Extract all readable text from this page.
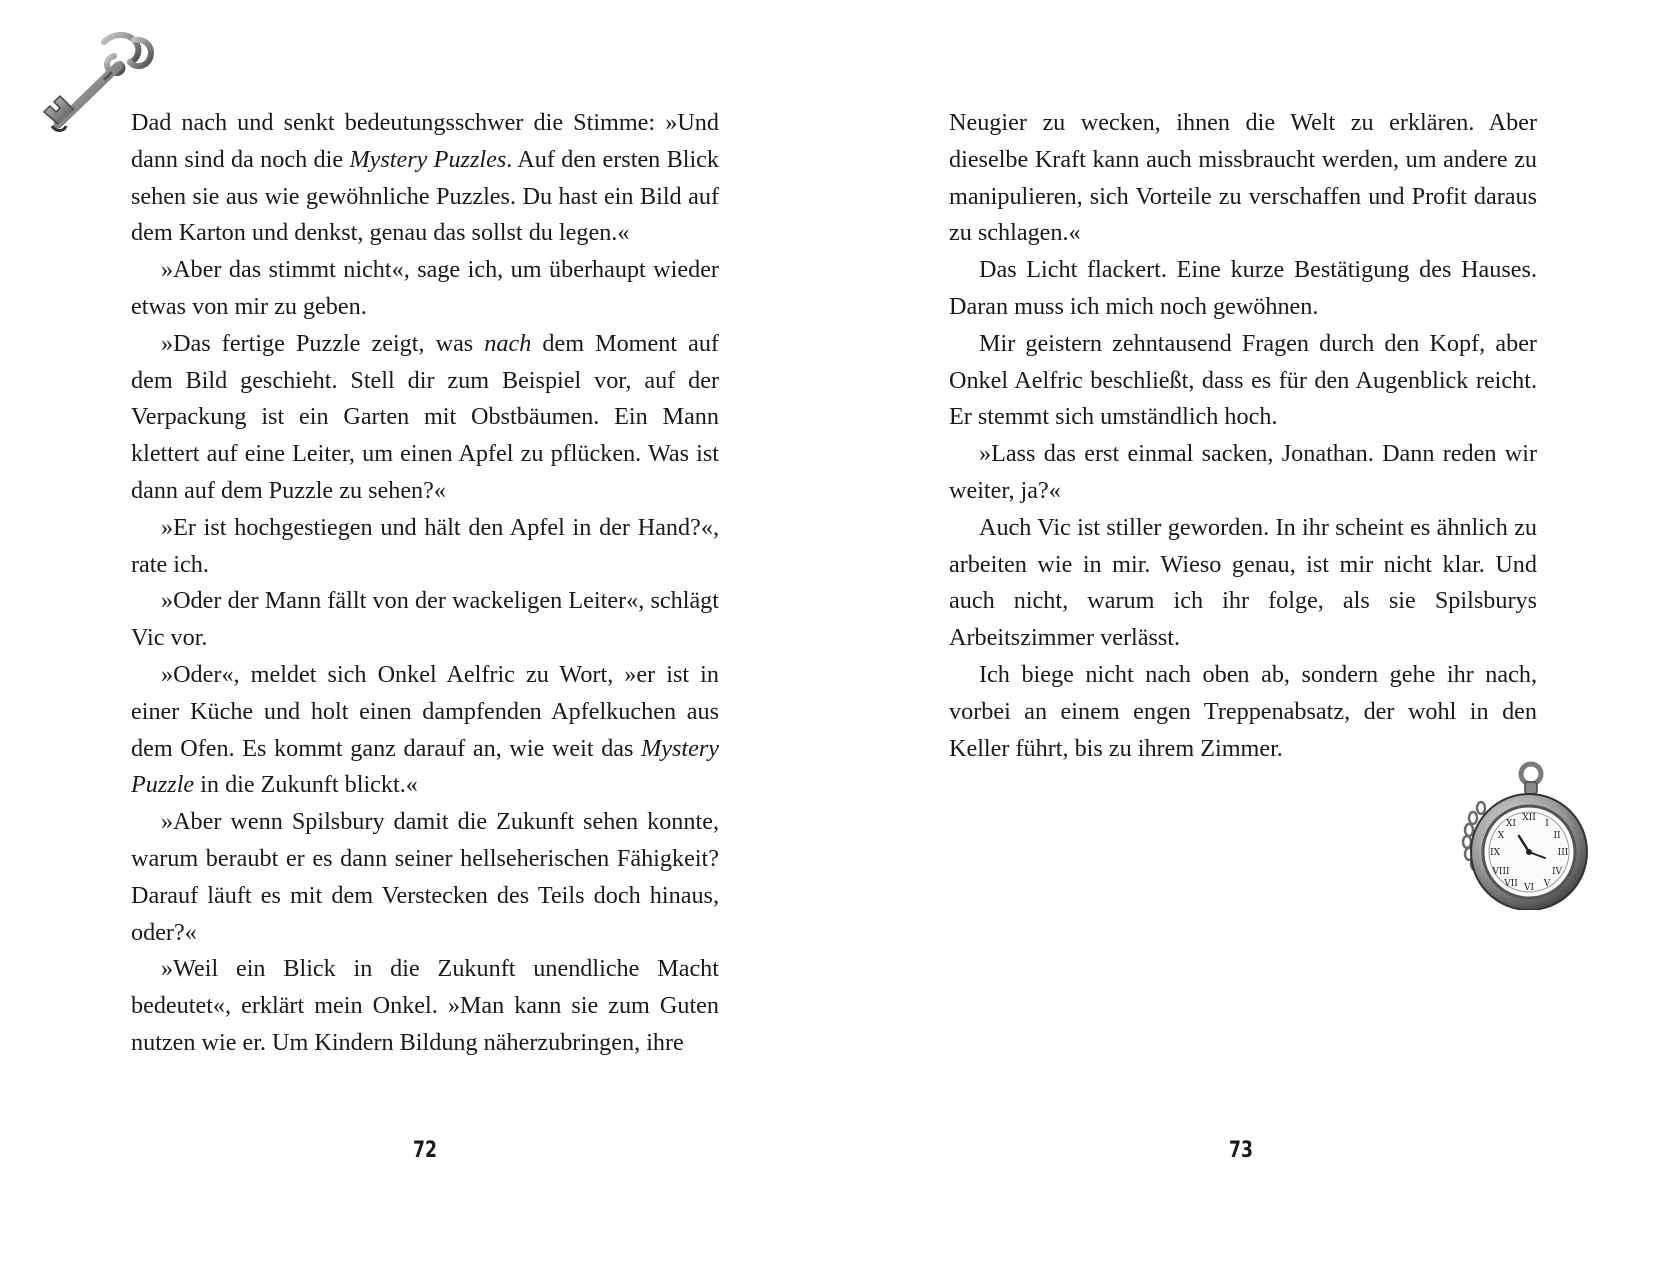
Dad nach und senkt bedeutungsschwer die Stimme: »Und dann sind da noch die Mystery Puzzles. Auf den ersten Blick sehen sie aus wie gewöhnliche Puzzles. Du hast ein Bild auf dem Karton und denkst, genau das sollst du legen.«

»Aber das stimmt nicht«, sage ich, um überhaupt wieder etwas von mir zu geben.

»Das fertige Puzzle zeigt, was nach dem Moment auf dem Bild geschieht. Stell dir zum Beispiel vor, auf der Verpackung ist ein Garten mit Obstbäumen. Ein Mann klettert auf eine Leiter, um einen Apfel zu pflücken. Was ist dann auf dem Puzzle zu sehen?«

»Er ist hochgestiegen und hält den Apfel in der Hand?«, rate ich.

»Oder der Mann fällt von der wackeligen Leiter«, schlägt Vic vor.

»Oder«, meldet sich Onkel Aelfric zu Wort, »er ist in einer Küche und holt einen dampfenden Apfelkuchen aus dem Ofen. Es kommt ganz darauf an, wie weit das Mystery Puzzle in die Zukunft blickt.«

»Aber wenn Spilsbury damit die Zukunft sehen konnte, warum beraubt er es dann seiner hellseherischen Fähigkeit? Darauf läuft es mit dem Verstecken des Teils doch hinaus, oder?«

»Weil ein Blick in die Zukunft unendliche Macht bedeutet«, erklärt mein Onkel. »Man kann sie zum Guten nutzen wie er. Um Kindern Bildung näherzubringen, ihre

72

Neugier zu wecken, ihnen die Welt zu erklären. Aber dieselbe Kraft kann auch missbraucht werden, um andere zu manipulieren, sich Vorteile zu verschaffen und Profit daraus zu schlagen.«

Das Licht flackert. Eine kurze Bestätigung des Hauses. Daran muss ich mich noch gewöhnen.

Mir geistern zehntausend Fragen durch den Kopf, aber Onkel Aelfric beschließt, dass es für den Augenblick reicht. Er stemmt sich umständlich hoch.

»Lass das erst einmal sacken, Jonathan. Dann reden wir weiter, ja?«

Auch Vic ist stiller geworden. In ihr scheint es ähnlich zu arbeiten wie in mir. Wieso genau, ist mir nicht klar. Und auch nicht, warum ich ihr folge, als sie Spilsburys Arbeitszimmer verlässt.

Ich biege nicht nach oben ab, sondern gehe ihr nach, vorbei an einem engen Treppenabsatz, der wohl in den Keller führt, bis zu ihrem Zimmer.

73
XII
III
VI
IX
I
II
IV
V
VII
VIII
X
XI
